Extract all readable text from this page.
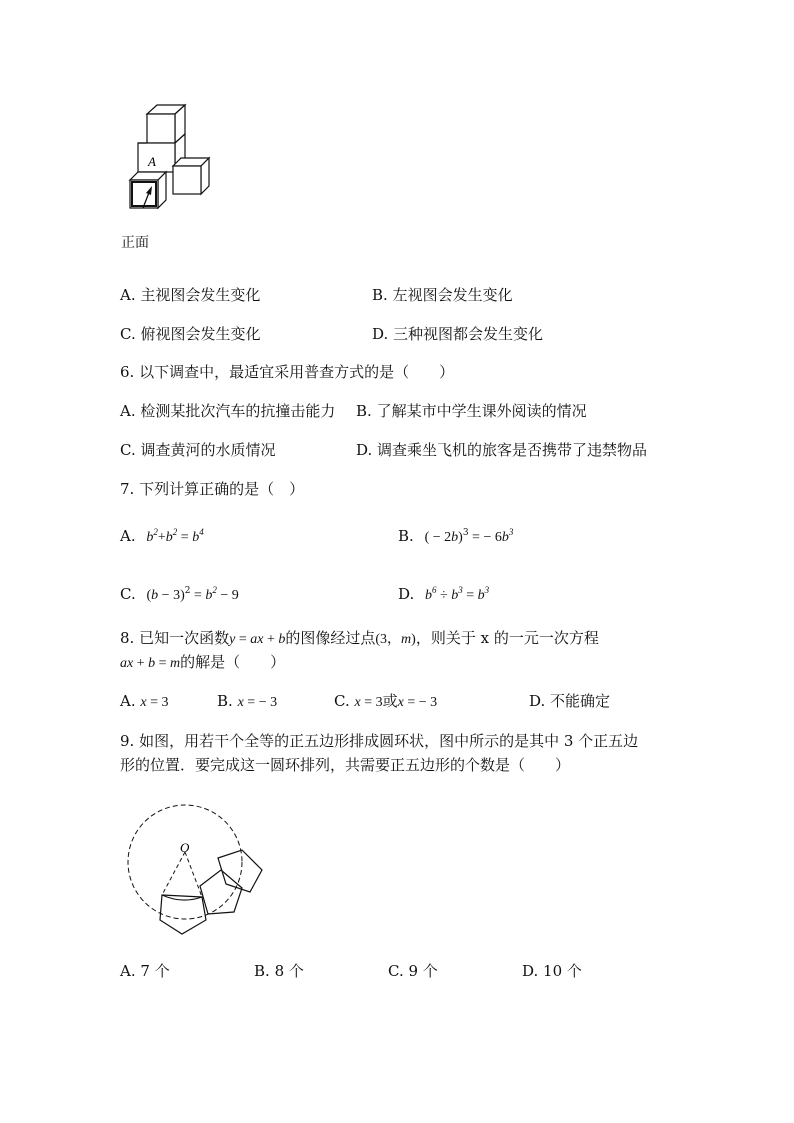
A
正面
A. 主视图会发生变化	B. 左视图会发生变化
C. 俯视图会发生变化	D. 三种视图都会发生变化
6. 以下调查中，最适宜采用普查方式的是（　　）
A. 检测某批次汽车的抗撞击能力 B. 了解某市中学生课外阅读的情况
C. 调查黄河的水质情况	D. 调查乘坐飞机的旅客是否携带了违禁物品
7. 下列计算正确的是（　）
A. $b^2+b^2 = b^4$	B. ( − 2b)$^3$ = − $6b^3$
C. $(b - 3)^2 = b^2 - 9$	D. $b^6 \div b^3 = b^3$
8. 已知一次函数y = ax + b的图像经过点(3，m)，则关于 x 的一元一次方程
ax + b = m的解是（　　）
A. x = 3	B. x = − 3	C. x = 3或x = − 3	D. 不能确定
9. 如图，用若干个全等的正五边形排成圆环状，图中所示的是其中 3 个正五边
形的位置．要完成这一圆环排列，共需要正五边形的个数是（　　）
O
A. 7 个	B. 8 个	C. 9 个	D. 10 个
